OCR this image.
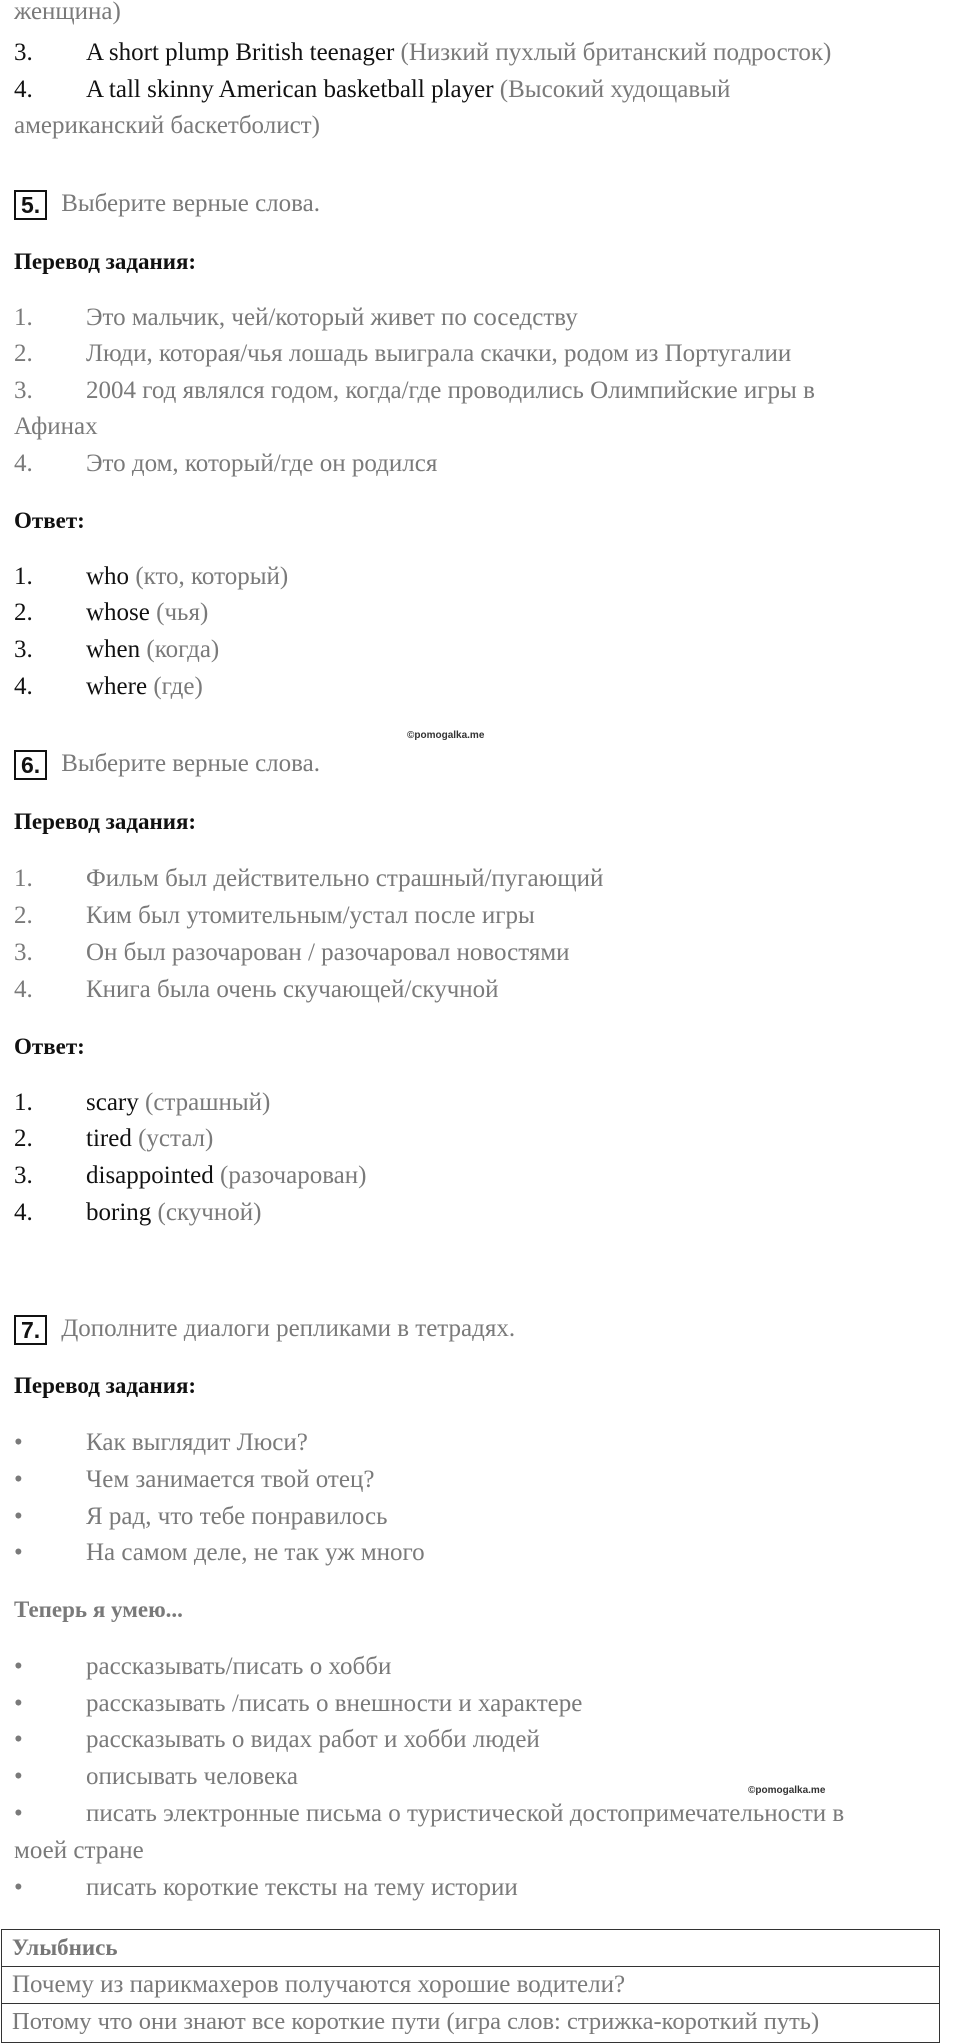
женщина)
3. A short plump British teenager (Низкий пухлый британский подросток)
4. A tall skinny American basketball player (Высокий худощавый
американский баскетболист)
5. Выберите верные слова.
Перевод задания:
1. Это мальчик, чей/который живет по соседству
2. Люди, которая/чья лошадь выиграла скачки, родом из Португалии
3. 2004 год являлся годом, когда/где проводились Олимпийские игры в
Афинах
4. Это дом, который/где он родился
Ответ:
1. who (кто, который)
2. whose (чья)
3. when (когда)
4. where (где)
©pomogalka.me
6. Выберите верные слова.
Перевод задания:
1. Фильм был действительно страшный/пугающий
2. Ким был утомительным/устал после игры
3. Он был разочарован / разочаровал новостями
4. Книга была очень скучающей/скучной
Ответ:
1. scary (страшный)
2. tired (устал)
3. disappointed (разочарован)
4. boring (скучной)
7. Дополните диалоги репликами в тетрадях.
Перевод задания:
•	Как выглядит Люси?
•	Чем занимается твой отец?
•	Я рад, что тебе понравилось
•	На самом деле, не так уж много
Теперь я умею...
•	рассказывать/писать о хобби
•	рассказывать /писать о внешности и характере
•	рассказывать о видах работ и хобби людей
•	описывать человека
©pomogalka.me
•	писать электронные письма о туристической достопримечательности в
моей стране
•	писать короткие тексты на тему истории
Улыбнись
Почему из парикмахеров получаются хорошие водители?
Потому что они знают все короткие пути (игра слов: стрижка-короткий путь)
